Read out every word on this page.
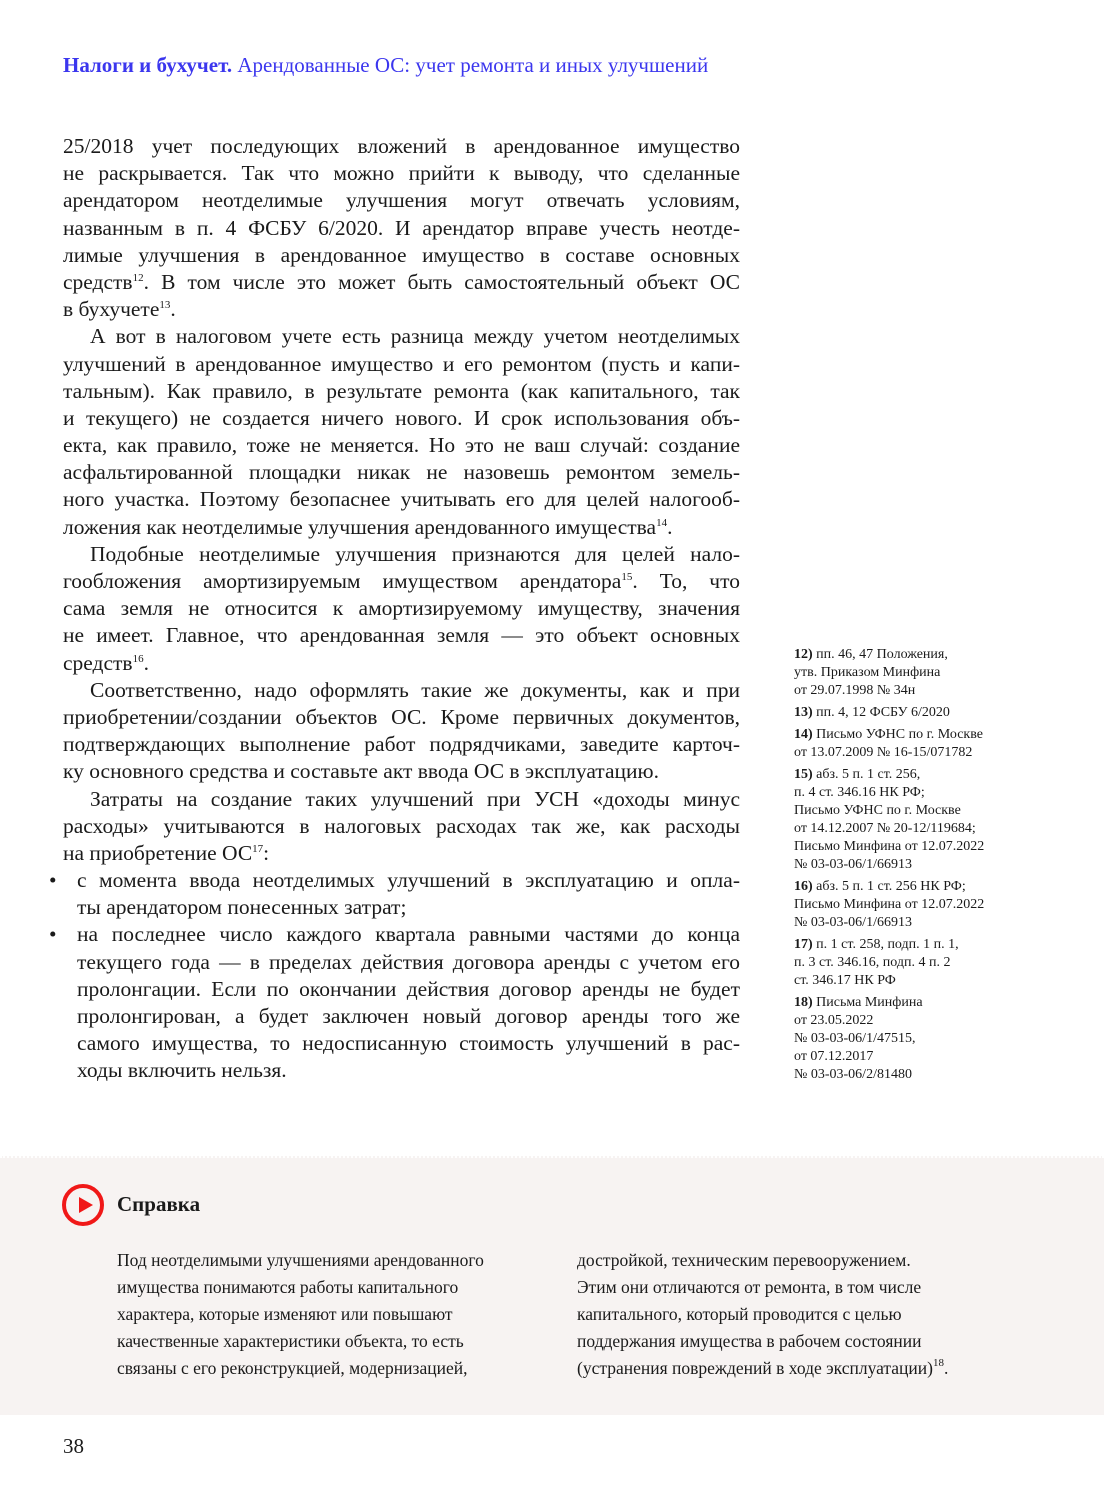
Налоги и бухучет. Арендованные ОС: учет ремонта и иных улучшений
25/2018 учет последующих вложений в арендованное имущество
не раскрывается. Так что можно прийти к выводу, что сделанные
арендатором неотделимые улучшения могут отвечать условиям,
названным в п. 4 ФСБУ 6/2020. И арендатор вправе учесть неотде-
лимые улучшения в арендованное имущество в составе основных
средств$^{12}$. В том числе это может быть самостоятельный объект ОС
в бухучете$^{13}$.
А вот в налоговом учете есть разница между учетом неотделимых
улучшений в арендованное имущество и его ремонтом (пусть и капи-
тальным). Как правило, в результате ремонта (как капитального, так
и текущего) не создается ничего нового. И срок использования объ-
екта, как правило, тоже не меняется. Но это не ваш случай: создание
асфальтированной площадки никак не назовешь ремонтом земель-
ного участка. Поэтому безопаснее учитывать его для целей налогооб-
ложения как неотделимые улучшения арендованного имущества$^{14}$.
Подобные неотделимые улучшения признаются для целей нало-
гообложения амортизируемым имуществом арендатора$^{15}$. То, что
сама земля не относится к амортизируемому имуществу, значения
не имеет. Главное, что арендованная земля — это объект основных
средств$^{16}$.
Соответственно, надо оформлять такие же документы, как и при
приобретении/создании объектов ОС. Кроме первичных документов,
подтверждающих выполнение работ подрядчиками, заведите карточ-
ку основного средства и составьте акт ввода ОС в эксплуатацию.
Затраты на создание таких улучшений при УСН «доходы минус
расходы» учитываются в налоговых расходах так же, как расходы
на приобретение ОС$^{17}$:
• с момента ввода неотделимых улучшений в эксплуатацию и опла-
ты арендатором понесенных затрат;
• на последнее число каждого квартала равными частями до конца
текущего года — в пределах действия договора аренды с учетом его
пролонгации. Если по окончании действия договор аренды не будет
пролонгирован, а будет заключен новый договор аренды того же
самого имущества, то недосписанную стоимость улучшений в рас-
ходы включить нельзя.
12) пп. 46, 47 Положения,
утв. Приказом Минфина
от 29.07.1998 № 34н
13) пп. 4, 12 ФСБУ 6/2020
14) Письмо УФНС по г. Москве
от 13.07.2009 № 16-15/071782
15) абз. 5 п. 1 ст. 256,
п. 4 ст. 346.16 НК РФ;
Письмо УФНС по г. Москве
от 14.12.2007 № 20-12/119684;
Письмо Минфина от 12.07.2022
№ 03-03-06/1/66913
16) абз. 5 п. 1 ст. 256 НК РФ;
Письмо Минфина от 12.07.2022
№ 03-03-06/1/66913
17) п. 1 ст. 258, подп. 1 п. 1,
п. 3 ст. 346.16, подп. 4 п. 2
ст. 346.17 НК РФ
18) Письма Минфина
от 23.05.2022
№ 03-03-06/1/47515,
от 07.12.2017
№ 03-03-06/2/81480
Справка
Под неотделимыми улучшениями арендованного
имущества понимаются работы капитального
характера, которые изменяют или повышают
качественные характеристики объекта, то есть
связаны с его реконструкцией, модернизацией,
достройкой, техническим перевооружением.
Этим они отличаются от ремонта, в том числе
капитального, который проводится с целью
поддержания имущества в рабочем состоянии
(устранения повреждений в ходе эксплуатации)$^{18}$.
38
